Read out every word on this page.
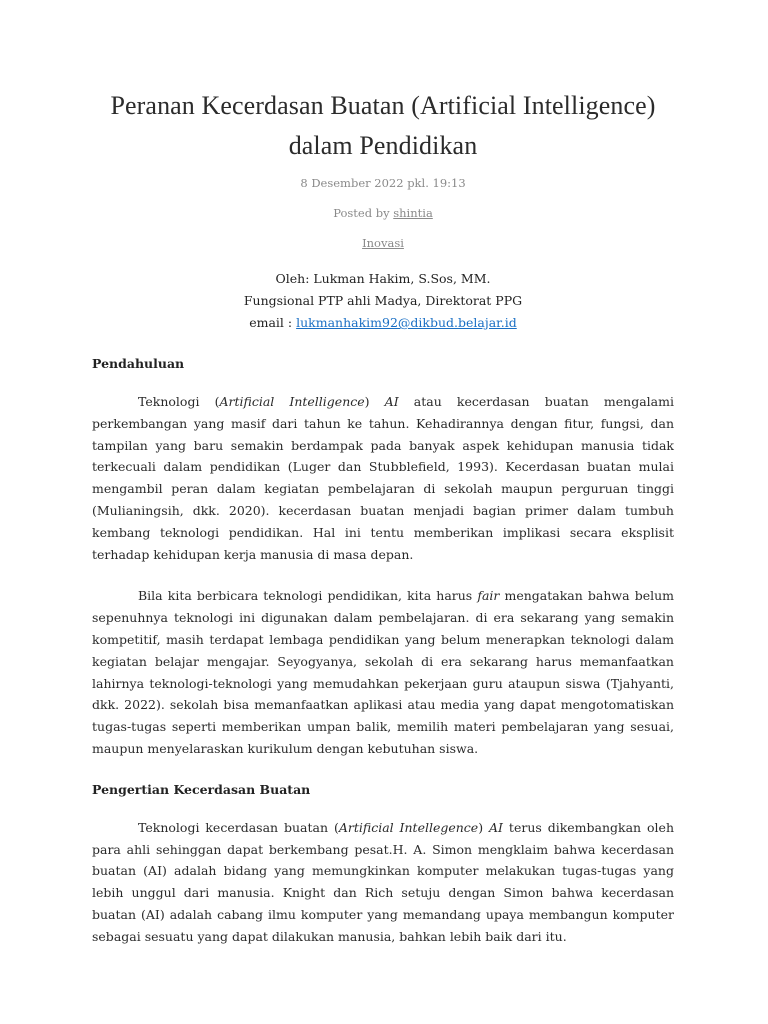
Peranan Kecerdasan Buatan (Artificial Intelligence)
dalam Pendidikan

8 Desember 2022 pkl. 19:13

Posted by shintia

Inovasi

Oleh: Lukman Hakim, S.Sos, MM.
Fungsional PTP ahli Madya, Direktorat PPG
email : lukmanhakim92@dikbud.belajar.id

Pendahuluan

Teknologi (Artificial Intelligence) AI atau kecerdasan buatan mengalami perkembangan yang masif dari tahun ke tahun. Kehadirannya dengan fitur, fungsi, dan tampilan yang baru semakin berdampak pada banyak aspek kehidupan manusia tidak terkecuali dalam pendidikan (Luger dan Stubblefield, 1993). Kecerdasan buatan mulai mengambil peran dalam kegiatan pembelajaran di sekolah maupun perguruan tinggi (Mulianingsih, dkk. 2020). kecerdasan buatan menjadi bagian primer dalam tumbuh kembang teknologi pendidikan. Hal ini tentu memberikan implikasi secara eksplisit terhadap kehidupan kerja manusia di masa depan.

Bila kita berbicara teknologi pendidikan, kita harus fair mengatakan bahwa belum sepenuhnya teknologi ini digunakan dalam pembelajaran. di era sekarang yang semakin kompetitif, masih terdapat lembaga pendidikan yang belum menerapkan teknologi dalam kegiatan belajar mengajar. Seyogyanya, sekolah di era sekarang harus memanfaatkan lahirnya teknologi-teknologi yang memudahkan pekerjaan guru ataupun siswa (Tjahyanti, dkk. 2022). sekolah bisa memanfaatkan aplikasi atau media yang dapat mengotomatiskan tugas-tugas seperti memberikan umpan balik, memilih materi pembelajaran yang sesuai, maupun menyelaraskan kurikulum dengan kebutuhan siswa.

Pengertian Kecerdasan Buatan

Teknologi kecerdasan buatan (Artificial Intellegence) AI terus dikembangkan oleh para ahli sehinggan dapat berkembang pesat.H. A. Simon mengklaim bahwa kecerdasan buatan (AI) adalah bidang yang memungkinkan komputer melakukan tugas-tugas yang lebih unggul dari manusia. Knight dan Rich setuju dengan Simon bahwa kecerdasan buatan (AI) adalah cabang ilmu komputer yang memandang upaya membangun komputer sebagai sesuatu yang dapat dilakukan manusia, bahkan lebih baik dari itu.
